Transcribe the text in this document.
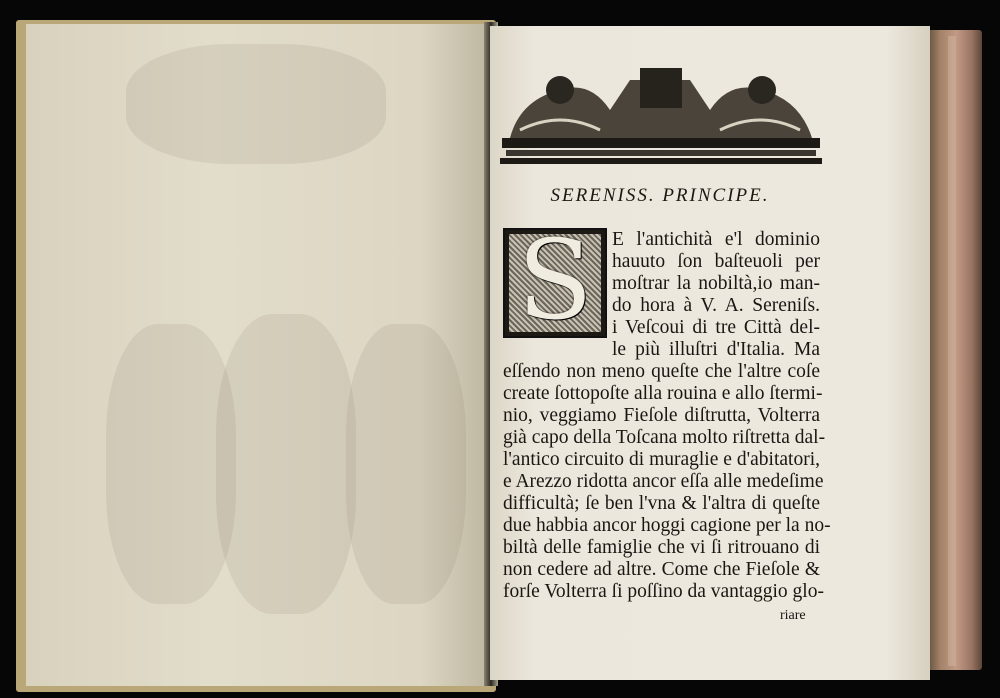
SERENISS. PRINCIPE.
S E l'antichità e'l dominio
hauuto ſon baſteuoli per
moſtrar la nobiltà,io man-
do hora à V. A. Sereniſs.
i Veſcoui di tre Città del-
le più illuſtri d'Italia. Ma
eſſendo non meno queſte che l'altre coſe
create ſottopoſte alla rouina e allo ſtermi-
nio, veggiamo Fieſole diſtrutta, Volterra
già capo della Toſcana molto riſtretta dal-
l'antico circuito di muraglie e d'abitatori,
e Arezzo ridotta ancor eſſa alle medeſime
difficultà; ſe ben l'vna & l'altra di queſte
due habbia ancor hoggi cagione per la no-
biltà delle famiglie che vi ſi ritrouano di
non cedere ad altre. Come che Fieſole &
forſe Volterra ſi poſſino da vantaggio glo-
riare
